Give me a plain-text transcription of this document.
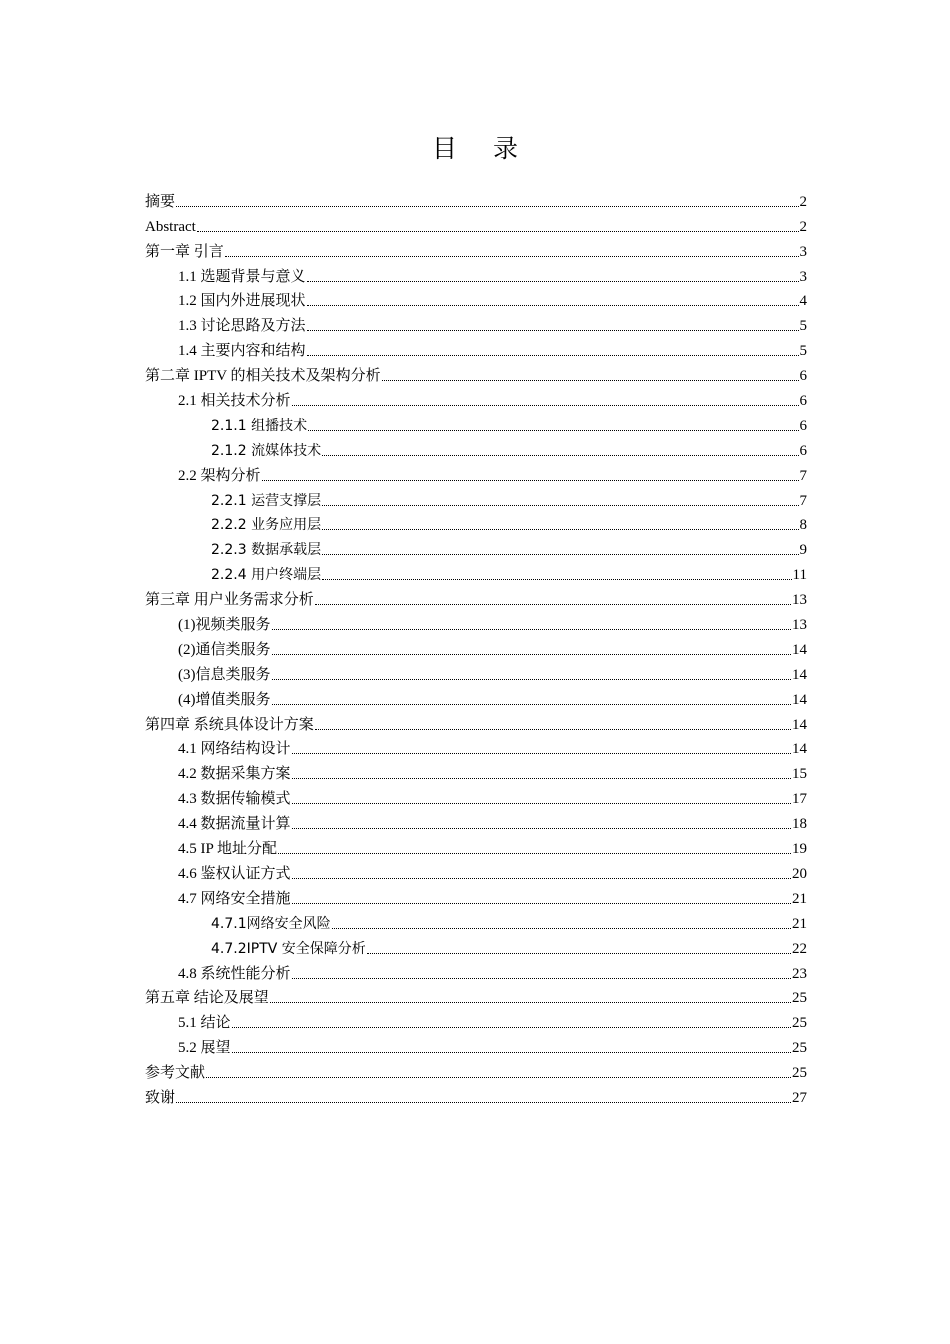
目 录
摘要	2
Abstract	2
第一章 引言	3
1.1 选题背景与意义	3
1.2 国内外进展现状	4
1.3 讨论思路及方法	5
1.4 主要内容和结构	5
第二章 IPTV 的相关技术及架构分析	6
2.1 相关技术分析	6
2.1.1 组播技术	6
2.1.2 流媒体技术	6
2.2 架构分析	7
2.2.1 运营支撑层	7
2.2.2 业务应用层	8
2.2.3 数据承载层	9
2.2.4 用户终端层	11
第三章 用户业务需求分析	13
(1)视频类服务	13
(2)通信类服务	14
(3)信息类服务	14
(4)增值类服务	14
第四章 系统具体设计方案	14
4.1 网络结构设计	14
4.2 数据采集方案	15
4.3 数据传输模式	17
4.4 数据流量计算	18
4.5 IP 地址分配	19
4.6 鉴权认证方式	20
4.7 网络安全措施	21
4.7.1网络安全风险	21
4.7.2IPTV 安全保障分析	22
4.8 系统性能分析	23
第五章 结论及展望	25
5.1 结论	25
5.2 展望	25
参考文献	25
致谢	27
